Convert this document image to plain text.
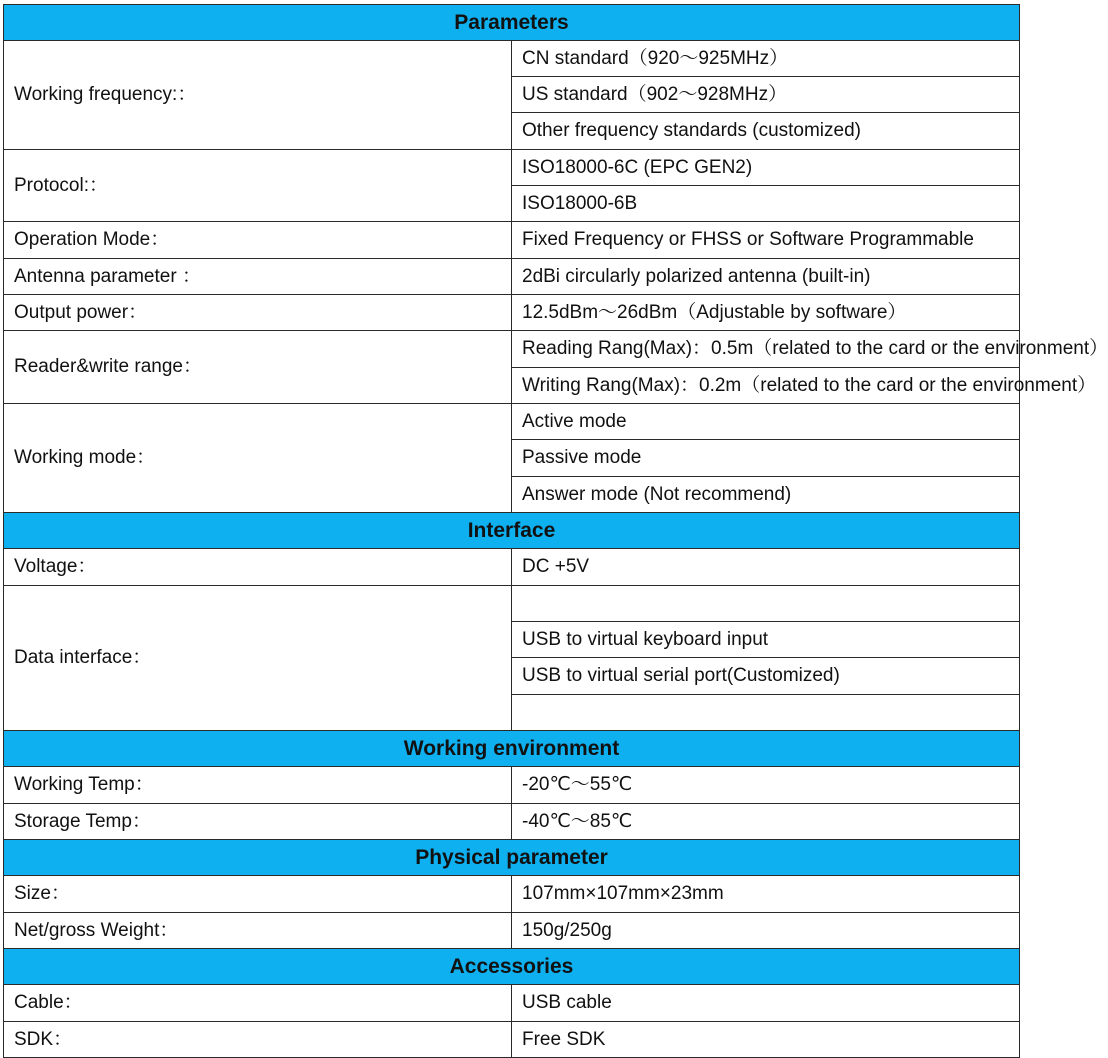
Parameters	
Working frequency:：	CN standard（920～925MHz）
	US standard（902～928MHz）
	Other frequency standards (customized)
Protocol:：	ISO18000-6C (EPC GEN2)
	ISO18000-6B
Operation Mode：	Fixed Frequency or FHSS or Software Programmable
Antenna parameter ：	2dBi circularly polarized antenna (built-in)
Output power：	12.5dBm～26dBm（Adjustable by software）
Reader&write range：	Reading Rang(Max)：0.5m（related to the card or the environment）
	Writing Rang(Max)：0.2m（related to the card or the environment）
Working mode：	Active mode
	Passive mode
	Answer mode (Not recommend)
Interface	
Voltage：	DC +5V
Data interface：	
	USB to virtual keyboard input
	USB to virtual serial port(Customized)

Working environment	
Working Temp：	-20℃～55℃
Storage Temp：	-40℃～85℃
Physical parameter	
Size：	107mm×107mm×23mm
Net/gross Weight：	150g/250g
Accessories	
Cable：	USB cable
SDK：	Free SDK
